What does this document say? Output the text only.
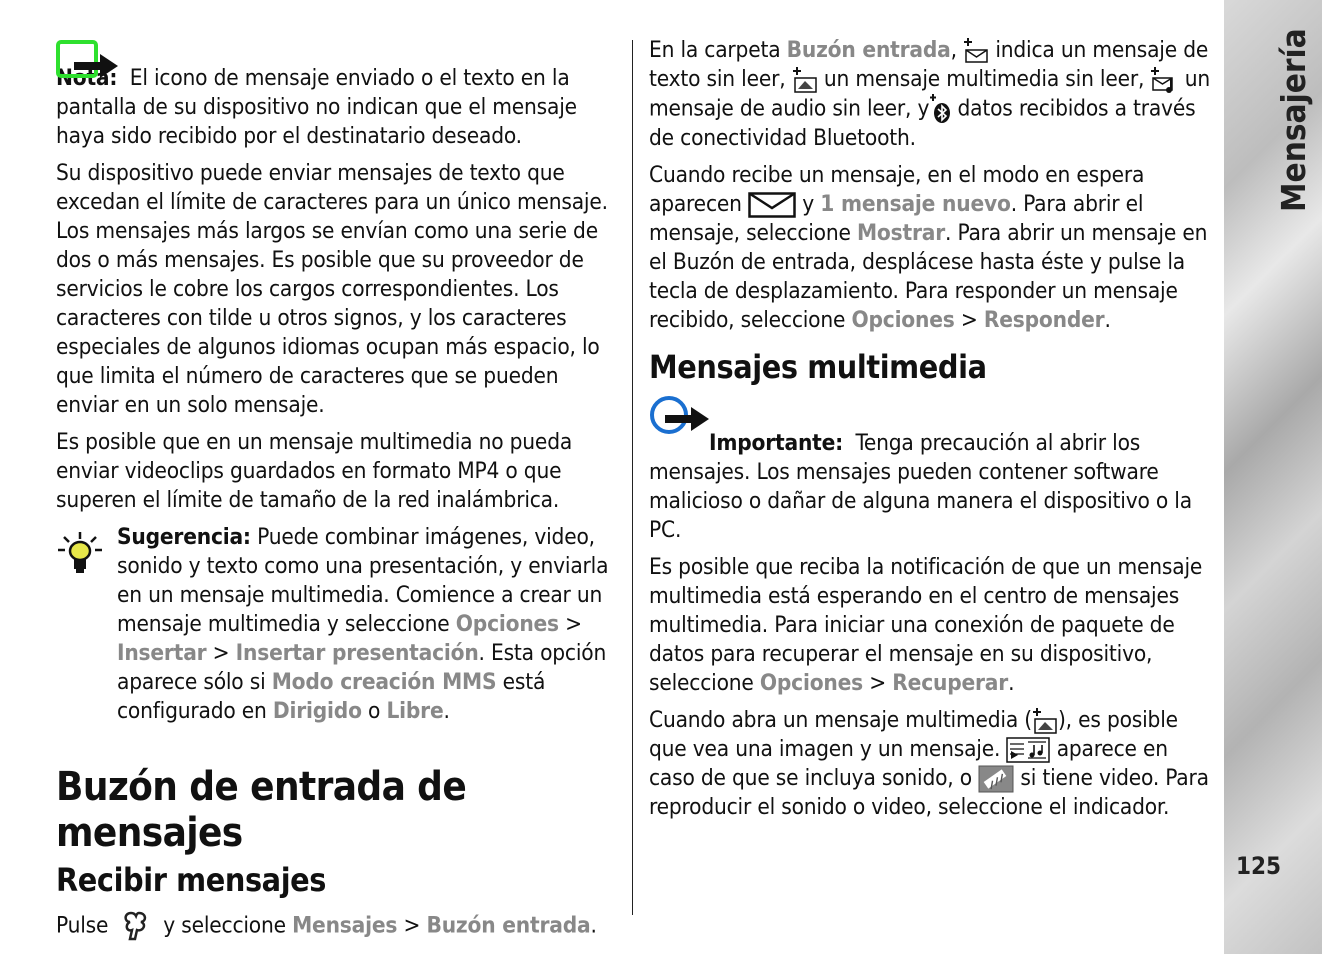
Nota: El icono de mensaje enviado o el texto en la pantalla de su dispositivo no indican que el mensaje haya sido recibido por el destinatario deseado.

Su dispositivo puede enviar mensajes de texto que excedan el límite de caracteres para un único mensaje. Los mensajes más largos se envían como una serie de dos o más mensajes. Es posible que su proveedor de servicios le cobre los cargos correspondientes. Los caracteres con tilde u otros signos, y los caracteres especiales de algunos idiomas ocupan más espacio, lo que limita el número de caracteres que se pueden enviar en un solo mensaje.

Es posible que en un mensaje multimedia no pueda enviar videoclips guardados en formato MP4 o que superen el límite de tamaño de la red inalámbrica.

Sugerencia: Puede combinar imágenes, video, sonido y texto como una presentación, y enviarla en un mensaje multimedia. Comience a crear un mensaje multimedia y seleccione Opciones > Insertar > Insertar presentación. Esta opción aparece sólo si Modo creación MMS está configurado en Dirigido o Libre.

Buzón de entrada de mensajes
Recibir mensajes

Pulse y seleccione Mensajes > Buzón entrada.

En la carpeta Buzón entrada, indica un mensaje de texto sin leer, un mensaje multimedia sin leer, un mensaje de audio sin leer, y datos recibidos a través de conectividad Bluetooth.

Cuando recibe un mensaje, en el modo en espera aparecen	y 1 mensaje nuevo. Para abrir el mensaje, seleccione Mostrar. Para abrir un mensaje en el Buzón de entrada, desplácese hasta éste y pulse la tecla de desplazamiento. Para responder un mensaje recibido, seleccione Opciones > Responder.

Mensajes multimedia

Importante: Tenga precaución al abrir los mensajes. Los mensajes pueden contener software malicioso o dañar de alguna manera el dispositivo o la PC.

Es posible que reciba la notificación de que un mensaje multimedia está esperando en el centro de mensajes multimedia. Para iniciar una conexión de paquete de datos para recuperar el mensaje en su dispositivo, seleccione Opciones > Recuperar.

Cuando abra un mensaje multimedia ( ), es posible que vea una imagen y un mensaje.	aparece en caso de que se incluya sonido, o si tiene video. Para reproducir el sonido o video, seleccione el indicador.

Mensajería
125
